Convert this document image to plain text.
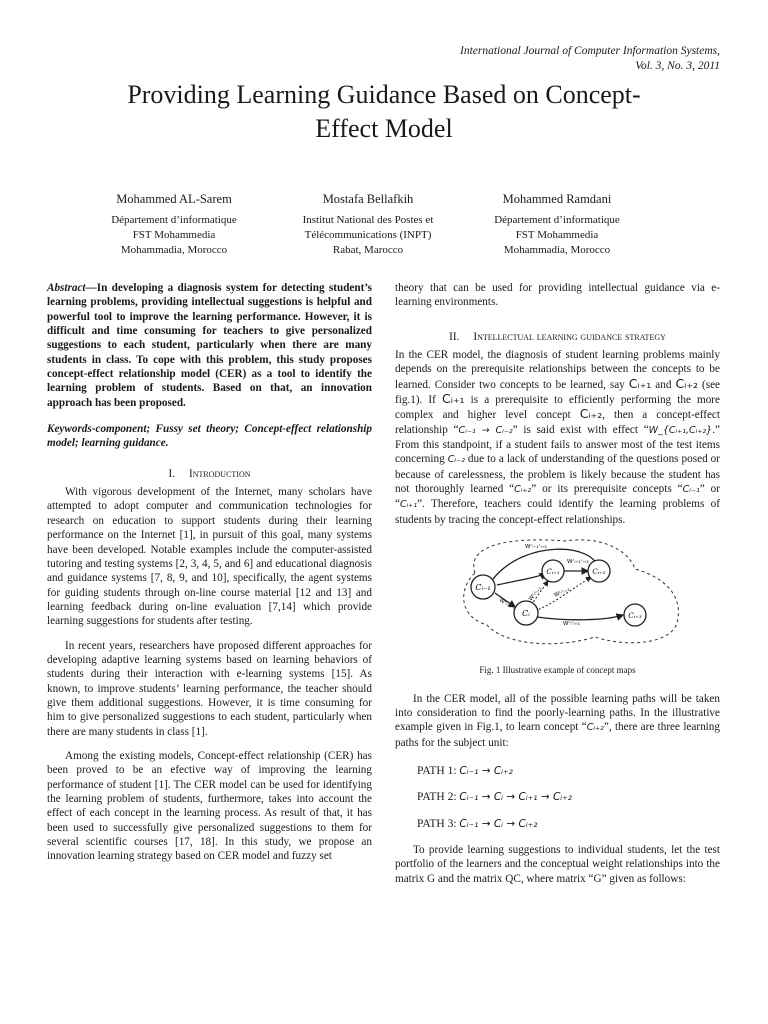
International Journal of Computer Information Systems,
Vol. 3, No. 3, 2011
Providing Learning Guidance Based on Concept-
Effect Model
Mohammed AL-Sarem
Département d’informatique
FST Mohammedia
Mohammadia, Morocco
Mostafa Bellafkih
Institut National des Postes et
Télécommunications (INPT)
Rabat, Marocco
Mohammed Ramdani
Département d’informatique
FST Mohammedia
Mohammadia, Morocco

Abstract—In developing a diagnosis system for detecting student’s learning problems, providing intellectual suggestions is helpful and powerful tool to improve the learning performance. However, it is difficult and time consuming for teachers to give personalized suggestions to each student, particularly when there are many students in class. To cope with this problem, this study proposes concept-effect relationship model (CER) as a tool to identify the learning problem of students. Based on that, an innovation approach has been proposed.

Keywords-component; Fussy set theory; Concept-effect relationship model; learning guidance.

I. Introduction

With vigorous development of the Internet, many scholars have attempted to adopt computer and communication technologies for research on education to support students during their learning performance on the Internet [1], in pursuit of this goal, many systems have been developed. Notable examples include the computer-assisted tutoring and testing systems [2, 3, 4, 5, and 6] and educational diagnosis and guidance systems [7, 8, 9, and 10], specifically, the agent systems for guiding students through on-line course material [12 and 13] and learning feedback during on-line evaluation [7,14] which provide learning suggestions for students after testing.

In recent years, researchers have proposed different approaches for developing adaptive learning systems based on learning behaviors of students during their interaction with e-learning systems [15]. As known, to improve students’ learning performance, the teacher should give them additional suggestions. However, it is time consuming for him to give personalized suggestions to each student, particularly when there are many students in class [1].

Among the existing models, Concept-effect relationship (CER) has been proved to be an efective way of improving the learning performance of student [1]. The CER model can be used for identifying the learning problem of students, furthermore, takes into account the effect of each concept in the learning process. As result of that, it has been used to successfully give personalized suggestions to them for several scientific courses [17, 18]. In this study, we propose an innovation learning strategy based on CER model and fuzzy set

theory that can be used for providing intellectual guidance via e-learning environments.

II. Intellectual learning guidance strategy

In the CER model, the diagnosis of student learning problems mainly depends on the prerequisite relationships between the concepts to be learned. Consider two concepts to be learned, say Cᵢ₊₁ and Cᵢ₊₂ (see fig.1). If Cᵢ₊₁ is a prerequisite to efficiently performing the more complex and higher level concept Cᵢ₊₂, then a concept-effect relationship “Cᵢ₋₁ → Cᵢ₋₂” is said exist with effect “W_{Cᵢ₊₁,Cᵢ₊₂}.” From this standpoint, if a student fails to answer most of the test items concerning Cᵢ₋₂ due to a lack of understanding of the questions posed or because of carelessness, the problem is likely because the student has not thoroughly learned “Cᵢ₊₂” or its prerequisite concepts “Cᵢ₋₁” or “Cᵢ₊₁”. Therefore, teachers could identify the learning problems of students by tracing the concept-effect relationships.

Cᵢ₋₁
Cᵢ
Cᵢ₊₁	Cᵢ₊₂
Cᵢ₊₃
Wᶜᵢ₋₁ᶜᵢ₊₂
Wᶜᵢ₊₁ᶜᵢ₊₂
Wᶜᵢ₋₁ᶜᵢ
Wᶜᵢᶜᵢ₊₁ Wᶜᵢᶜᵢ₊₂
Wᶜᵢᶜᵢ₊₃
Fig. 1 Illustrative example of concept maps

In the CER model, all of the possible learning paths will be taken into consideration to find the poorly-learning paths. In the illustrative example given in Fig.1, to learn concept “Cᵢ₊₂”, there are three learning paths for the subject unit:

PATH 1: Cᵢ₋₁ → Cᵢ₊₂
PATH 2: Cᵢ₋₁ → Cᵢ → Cᵢ₊₁ → Cᵢ₊₂
PATH 3: Cᵢ₋₁ → Cᵢ → Cᵢ₊₂

To provide learning suggestions to individual students, let the test portfolio of the learners and the conceptual weight relationships into the matrix G and the matrix QC, where matrix “G” given as follows:
